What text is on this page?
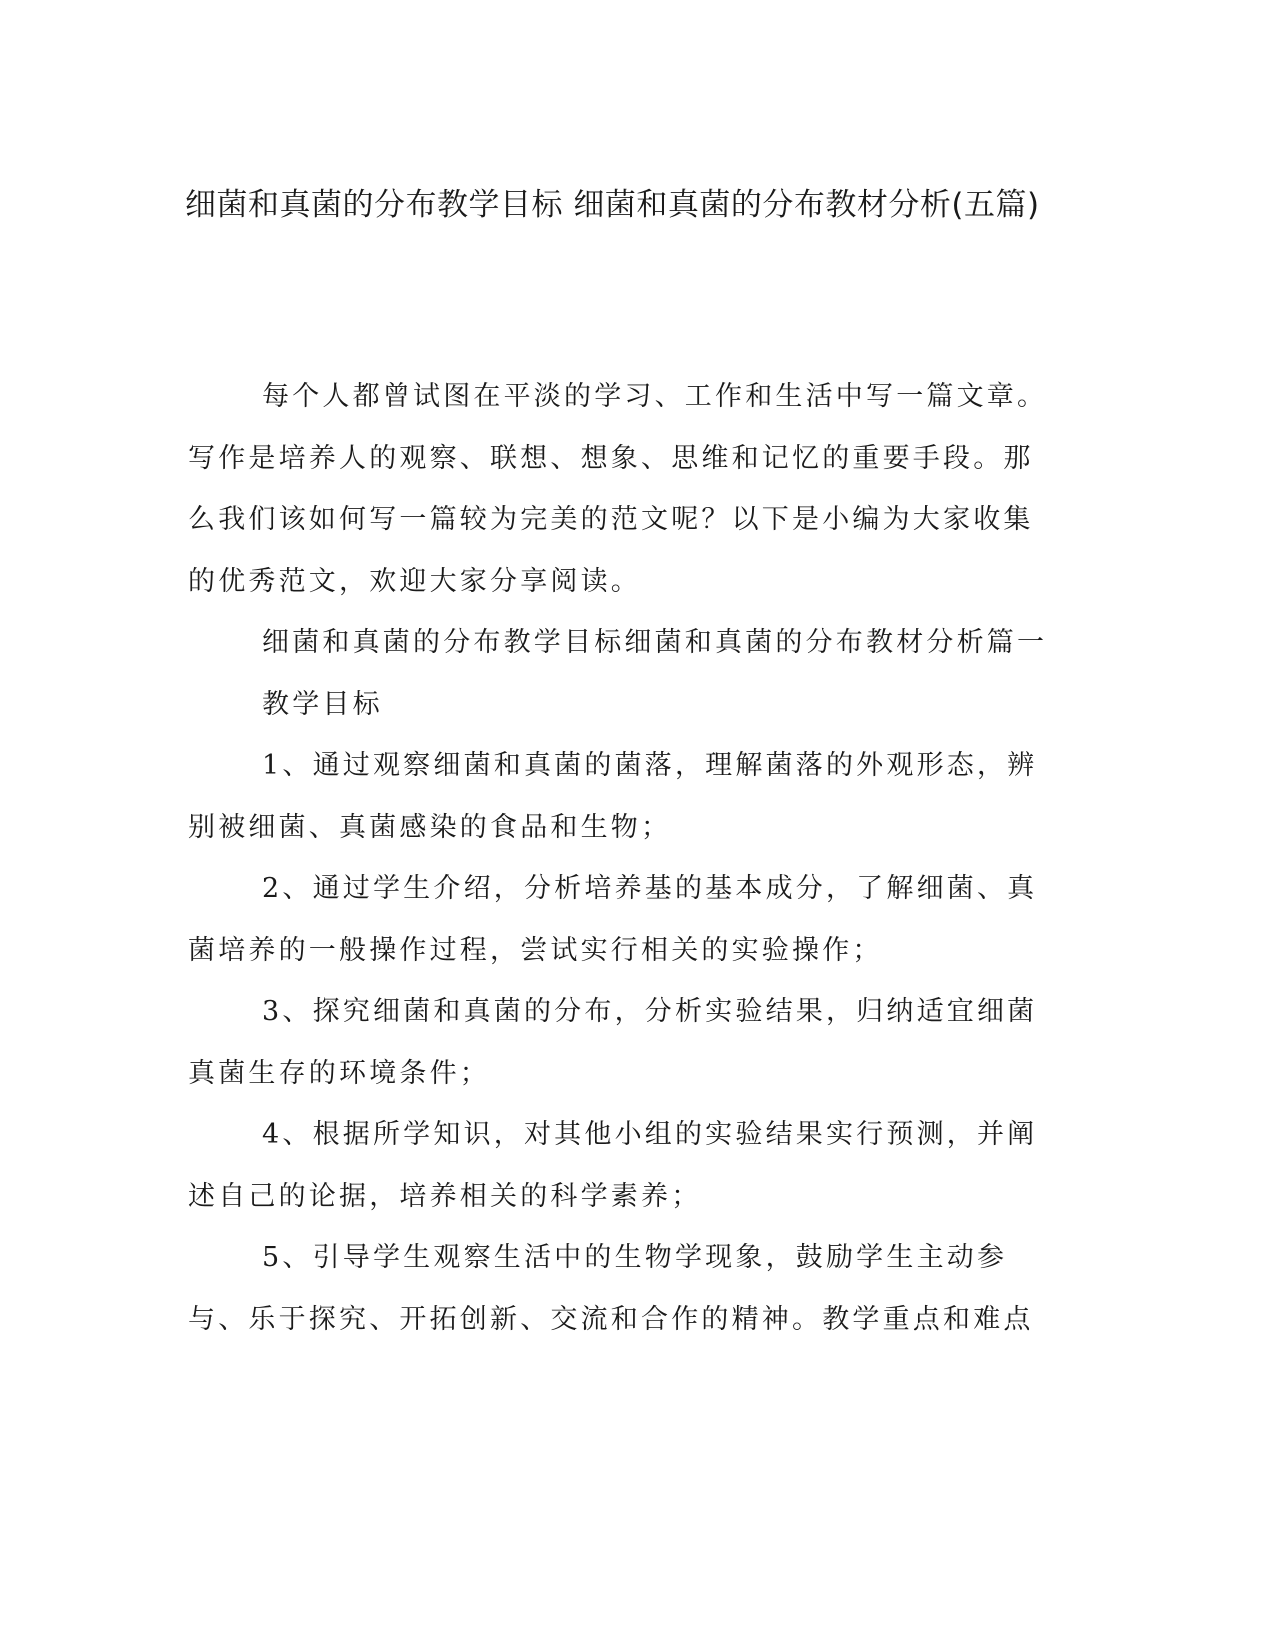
细菌和真菌的分布教学目标 细菌和真菌的分布教材分析(五篇)

每个人都曾试图在平淡的学习、工作和生活中写一篇文章。写作是培养人的观察、联想、想象、思维和记忆的重要手段。那么我们该如何写一篇较为完美的范文呢？以下是小编为大家收集的优秀范文，欢迎大家分享阅读。

细菌和真菌的分布教学目标细菌和真菌的分布教材分析篇一

教学目标

1、通过观察细菌和真菌的菌落，理解菌落的外观形态，辨别被细菌、真菌感染的食品和生物；

2、通过学生介绍，分析培养基的基本成分，了解细菌、真菌培养的一般操作过程，尝试实行相关的实验操作；

3、探究细菌和真菌的分布，分析实验结果，归纳适宜细菌真菌生存的环境条件；

4、根据所学知识，对其他小组的实验结果实行预测，并阐述自己的论据，培养相关的科学素养；

5、引导学生观察生活中的生物学现象，鼓励学生主动参与、乐于探究、开拓创新、交流和合作的精神。教学重点和难点
